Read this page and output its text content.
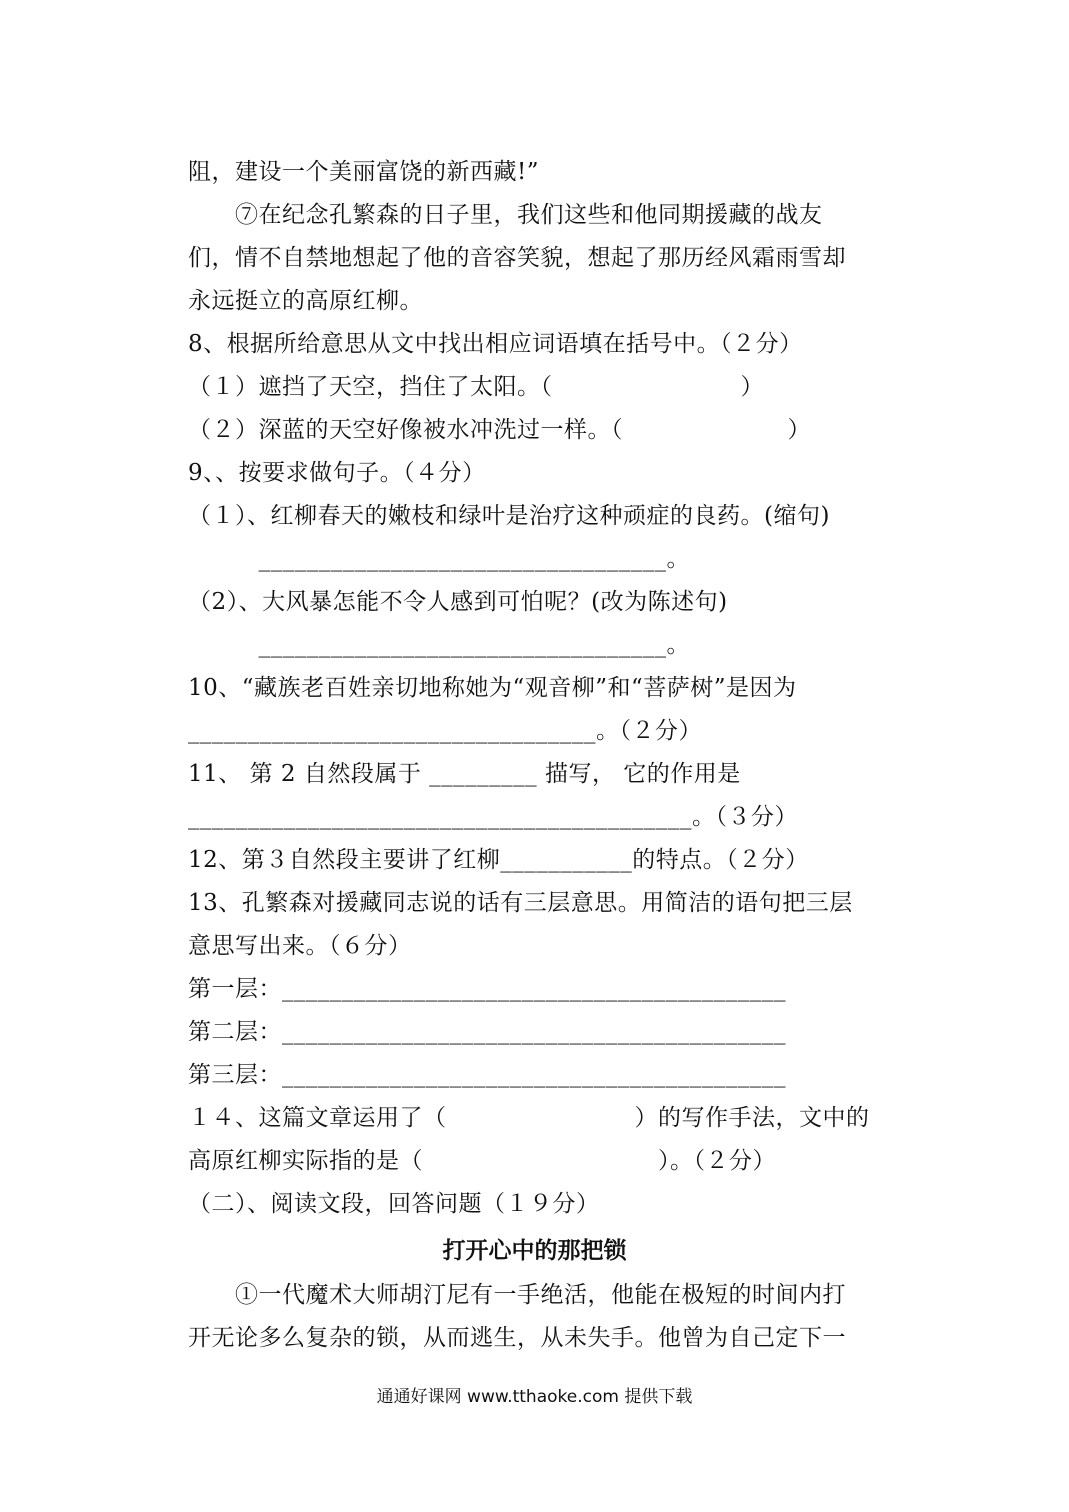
阻，建设一个美丽富饶的新西藏!”
　　⑦在纪念孔繁森的日子里，我们这些和他同期援藏的战友
们，情不自禁地想起了他的音容笑貌，想起了那历经风霜雨雪却
永远挺立的高原红柳。
8、根据所给意思从文中找出相应词语填在括号中。（２分）
（１）遮挡了天空，挡住了太阳。（　　　　　　　　）
（２）深蓝的天空好像被水冲洗过一样。（　　　　　　　）
9、、按要求做句子。（４分）
（１）、红柳春天的嫩枝和绿叶是治疗这种顽症的良药。(缩句)
　　　__________________________________。
（2）、大风暴怎能不令人感到可怕呢？(改为陈述句)
　　　__________________________________。
10、“藏族老百姓亲切地称她为“观音柳”和“菩萨树”是因为
__________________________________。（２分）
11、 第 2 自然段属于 _________ 描写， 它的作用是
__________________________________________。（３分）
12、第３自然段主要讲了红柳___________的特点。（２分）
13、孔繁森对援藏同志说的话有三层意思。用简洁的语句把三层
意思写出来。（６分）
第一层：__________________________________________
第二层：__________________________________________
第三层：__________________________________________
１４、这篇文章运用了（　　　　　　　　）的写作手法，文中的
高原红柳实际指的是（　　　　　　　　　　）。（２分）
（二）、阅读文段，回答问题（１９分）
打开心中的那把锁
　　①一代魔术大师胡汀尼有一手绝活，他能在极短的时间内打
开无论多么复杂的锁，从而逃生，从未失手。他曾为自己定下一
通通好课网 www.tthaoke.com 提供下载
